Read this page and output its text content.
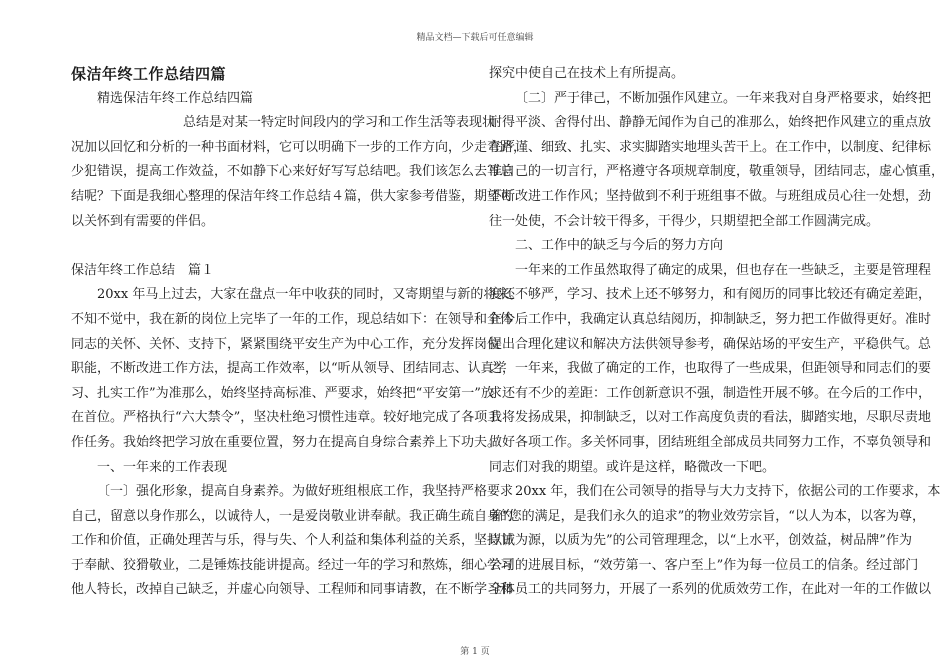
精品文档—下载后可任意编辑

保洁年终工作总结四篇

精选保洁年终工作总结四篇

总结是对某一特定时间段内的学习和工作生活等表现状

况加以回忆和分析的一种书面材料，它可以明确下一步的工作方向，少走弯路，

少犯错误，提高工作效益，不如静下心来好好写写总结吧。我们该怎么去写总

结呢？下面是我细心整理的保洁年终工作总结４篇，供大家参考借鉴，期望可

以关怀到有需要的伴侣。

保洁年终工作总结　篇１

20xx 年马上过去，大家在盘点一年中收获的同时，又寄期望与新的将来。

不知不觉中，我在新的岗位上完毕了一年的工作，现总结如下：在领导和全体

同志的关怀、关怀、支持下，紧紧围绕平安生产为中心工作，充分发挥岗位

职能，不断改进工作方法，提高工作效率，以“听从领导、团结同志、认真学

习、扎实工作”为准那么，始终坚持高标准、严要求，始终把“平安第一”放

在首位。严格执行“六大禁令”，坚决杜绝习惯性违章。较好地完成了各项工

作任务。我始终把学习放在重要位置，努力在提高自身综合素养上下功夫。

一、一年来的工作表现

〔一〕强化形象，提高自身素养。为做好班组根底工作，我坚持严格要求

自己，留意以身作那么，以诚待人，一是爱岗敬业讲奉献。我正确生疏自身的

工作和价值，正确处理苦与乐，得与失、个人利益和集体利益的关系，坚持甘

于奉献、狡猾敬业，二是锤炼技能讲提高。经过一年的学习和熬炼，细心学习

他人特长，改掉自己缺乏，并虚心向领导、工程师和同事请教，在不断学习和

探究中使自己在技术上有所提高。

〔二〕严于律己，不断加强作风建立。一年来我对自身严格要求，始终把

耐得平淡、舍得付出、静静无闻作为自己的准那么，始终把作风建立的重点放

在严谨、细致、扎实、求实脚踏实地埋头苦干上。在工作中，以制度、纪律标

准自己的一切言行，严格遵守各项规章制度，敬重领导，团结同志，虚心慎重，

不断改进工作作风；坚持做到不利于班组事不做。与班组成员心往一处想，劲

往一处使，不会计较干得多，干得少，只期望把全部工作圆满完成。

二、工作中的缺乏与今后的努力方向

一年来的工作虽然取得了确定的成果，但也存在一些缺乏，主要是管理程

度还不够严，学习、技术上还不够努力，和有阅历的同事比较还有确定差距，

在今后工作中，我确定认真总结阅历，抑制缺乏，努力把工作做得更好。准时

提出合理化建议和解决方法供领导参考，确保站场的平安生产，平稳供气。总

之，一年来，我做了确定的工作，也取得了一些成果，但距领导和同志们的要

求还有不少的差距：工作创新意识不强，制造性开展不够。在今后的工作中，

我将发扬成果，抑制缺乏，以对工作高度负责的看法，脚踏实地，尽职尽责地

做好各项工作。多关怀同事，团结班组全部成员共同努力工作，不辜负领导和

同志们对我的期望。或许是这样，略微改一下吧。

20xx 年，我们在公司领导的指导与大力支持下，依据公司的工作要求，本

着“您的满足，是我们永久的追求”的物业效劳宗旨，“以人为本，以客为尊，

以诚为源，以质为先”的公司管理理念，以“上水平，创效益，树品牌”作为

公司的进展目标，“效劳第一、客户至上”作为每一位员工的信条。经过部门

全体员工的共同努力，开展了一系列的优质效劳工作，在此对一年的工作做以

第 1 页
